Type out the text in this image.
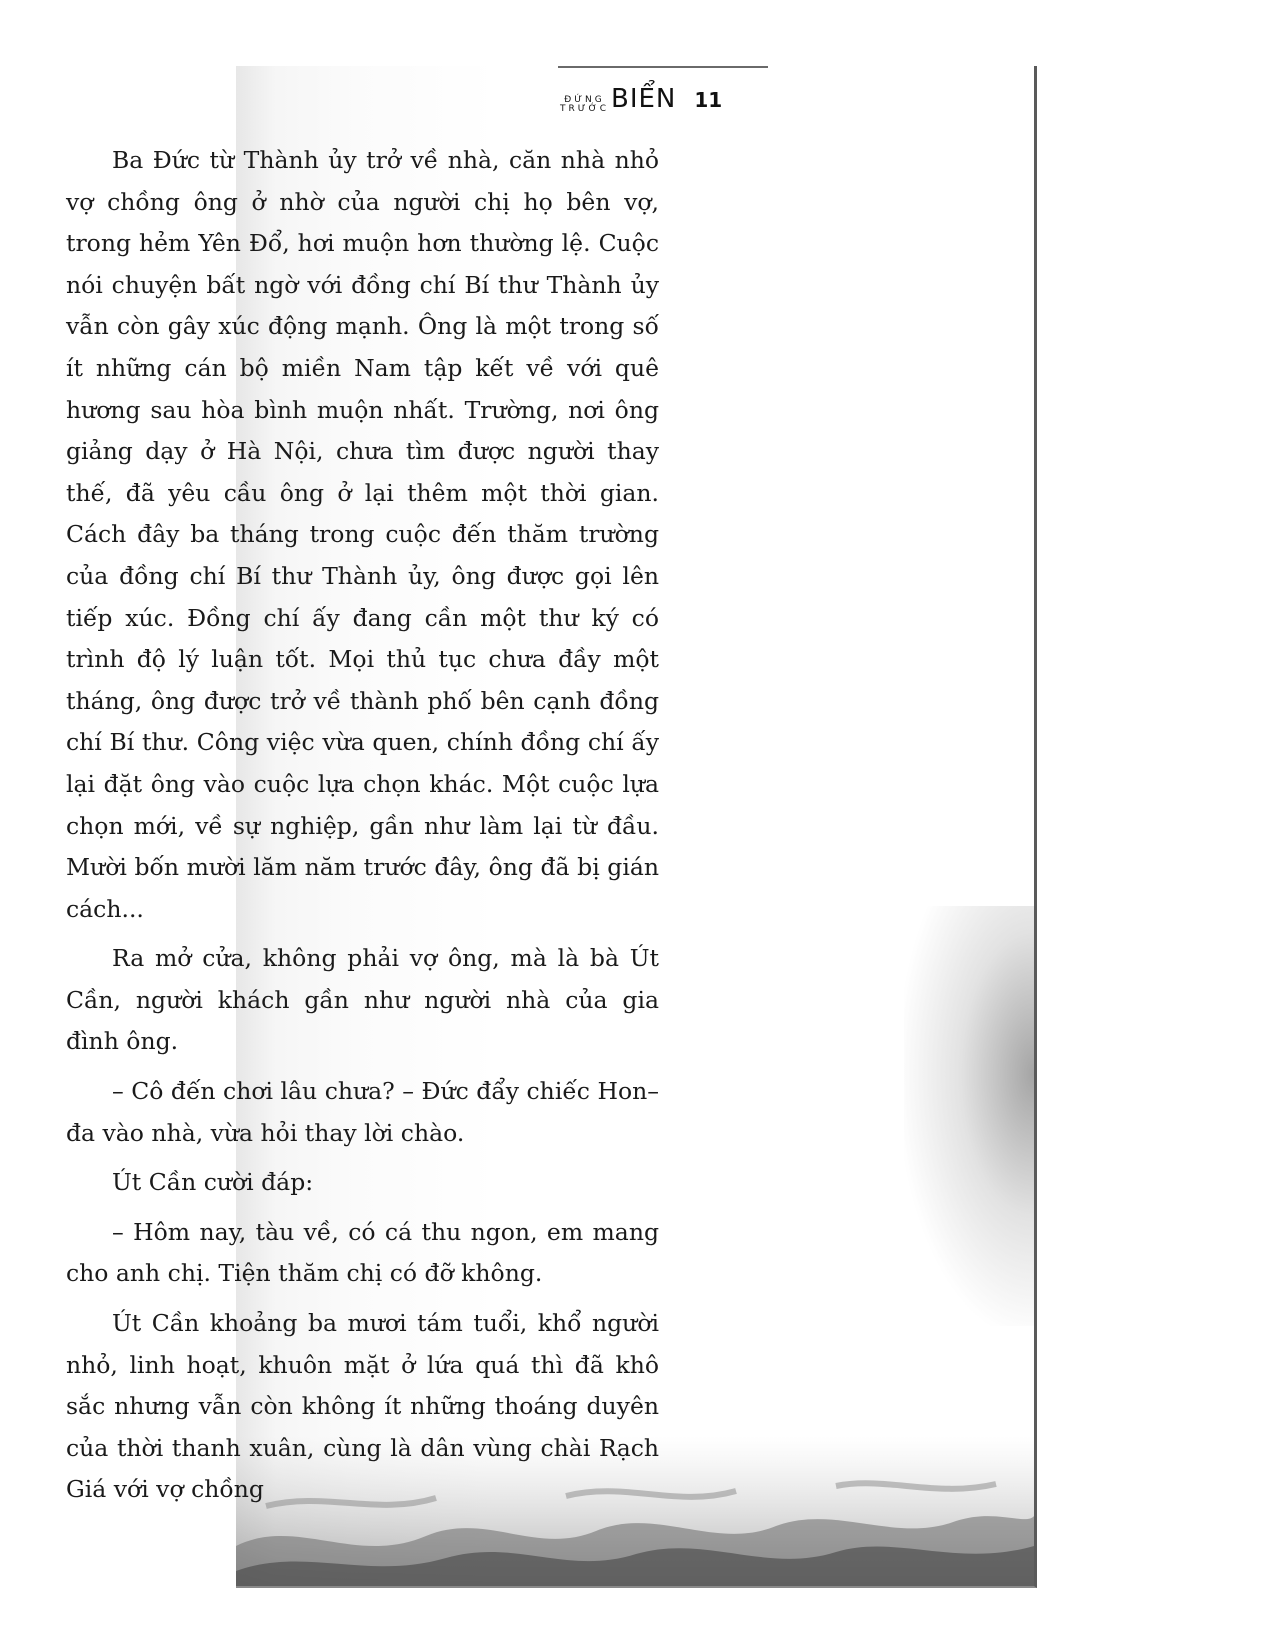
ĐỨNG
TRƯỚC BIỂN 11

Ba Đức từ Thành ủy trở về nhà, căn nhà nhỏ vợ chồng ông ở nhờ của người chị họ bên vợ, trong hẻm Yên Đổ, hơi muộn hơn thường lệ. Cuộc nói chuyện bất ngờ với đồng chí Bí thư Thành ủy vẫn còn gây xúc động mạnh. Ông là một trong số ít những cán bộ miền Nam tập kết về với quê hương sau hòa bình muộn nhất. Trường, nơi ông giảng dạy ở Hà Nội, chưa tìm được người thay thế, đã yêu cầu ông ở lại thêm một thời gian. Cách đây ba tháng trong cuộc đến thăm trường của đồng chí Bí thư Thành ủy, ông được gọi lên tiếp xúc. Đồng chí ấy đang cần một thư ký có trình độ lý luận tốt. Mọi thủ tục chưa đầy một tháng, ông được trở về thành phố bên cạnh đồng chí Bí thư. Công việc vừa quen, chính đồng chí ấy lại đặt ông vào cuộc lựa chọn khác. Một cuộc lựa chọn mới, về sự nghiệp, gần như làm lại từ đầu. Mười bốn mười lăm năm trước đây, ông đã bị gián cách...

Ra mở cửa, không phải vợ ông, mà là bà Út Cần, người khách gần như người nhà của gia đình ông.

– Cô đến chơi lâu chưa? – Đức đẩy chiếc Hon–đa vào nhà, vừa hỏi thay lời chào.

Út Cần cười đáp:

– Hôm nay, tàu về, có cá thu ngon, em mang cho anh chị. Tiện thăm chị có đỡ không.

Út Cần khoảng ba mươi tám tuổi, khổ người nhỏ, linh hoạt, khuôn mặt ở lứa quá thì đã khô sắc nhưng vẫn còn không ít những thoáng duyên của thời thanh xuân, cùng là dân vùng chài Rạch Giá với vợ chồng
